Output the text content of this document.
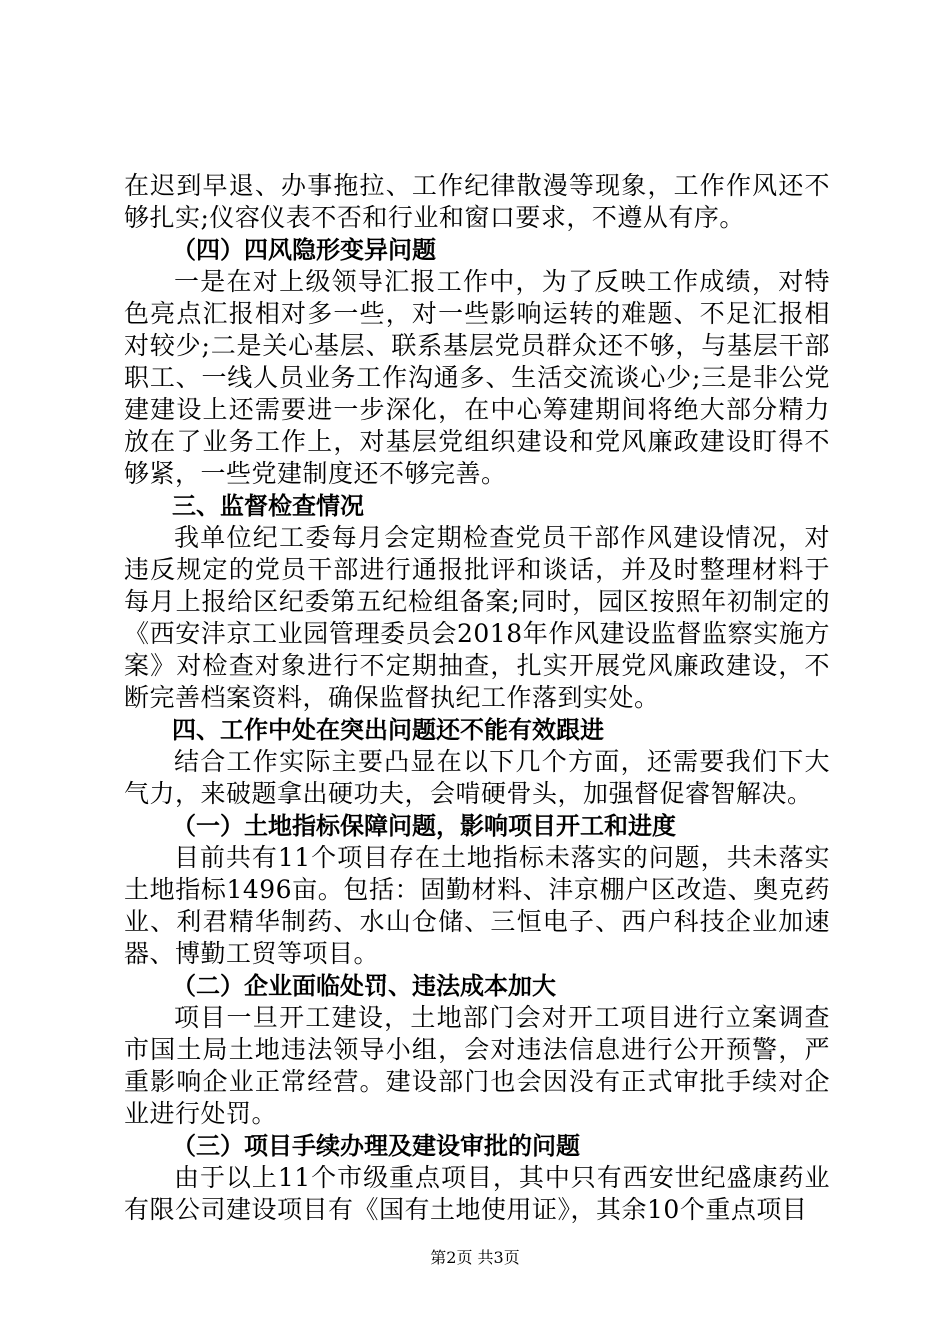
在迟到早退、办事拖拉、工作纪律散漫等现象，工作作风还不够扎实;仪容仪表不否和行业和窗口要求，不遵从有序。

（四）四风隐形变异问题

一是在对上级领导汇报工作中，为了反映工作成绩，对特色亮点汇报相对多一些，对一些影响运转的难题、不足汇报相对较少;二是关心基层、联系基层党员群众还不够，与基层干部职工、一线人员业务工作沟通多、生活交流谈心少;三是非公党建建设上还需要进一步深化，在中心筹建期间将绝大部分精力放在了业务工作上，对基层党组织建设和党风廉政建设盯得不够紧，一些党建制度还不够完善。

三、监督检查情况

我单位纪工委每月会定期检查党员干部作风建设情况，对违反规定的党员干部进行通报批评和谈话，并及时整理材料于每月上报给区纪委第五纪检组备案;同时，园区按照年初制定的《西安沣京工业园管理委员会2018年作风建设监督监察实施方案》对检查对象进行不定期抽查，扎实开展党风廉政建设，不断完善档案资料，确保监督执纪工作落到实处。

四、工作中处在突出问题还不能有效跟进

结合工作实际主要凸显在以下几个方面，还需要我们下大气力，来破题拿出硬功夫，会啃硬骨头，加强督促睿智解决。

（一）土地指标保障问题，影响项目开工和进度

目前共有11个项目存在土地指标未落实的问题，共未落实土地指标1496亩。包括：固勤材料、沣京棚户区改造、奥克药业、利君精华制药、水山仓储、三恒电子、西户科技企业加速器、博勤工贸等项目。

（二）企业面临处罚、违法成本加大

项目一旦开工建设，土地部门会对开工项目进行立案调查市国土局土地违法领导小组，会对违法信息进行公开预警，严重影响企业正常经营。建设部门也会因没有正式审批手续对企业进行处罚。

（三）项目手续办理及建设审批的问题

由于以上11个市级重点项目，其中只有西安世纪盛康药业有限公司建设项目有《国有土地使用证》，其余10个重点项目

第2页 共3页
